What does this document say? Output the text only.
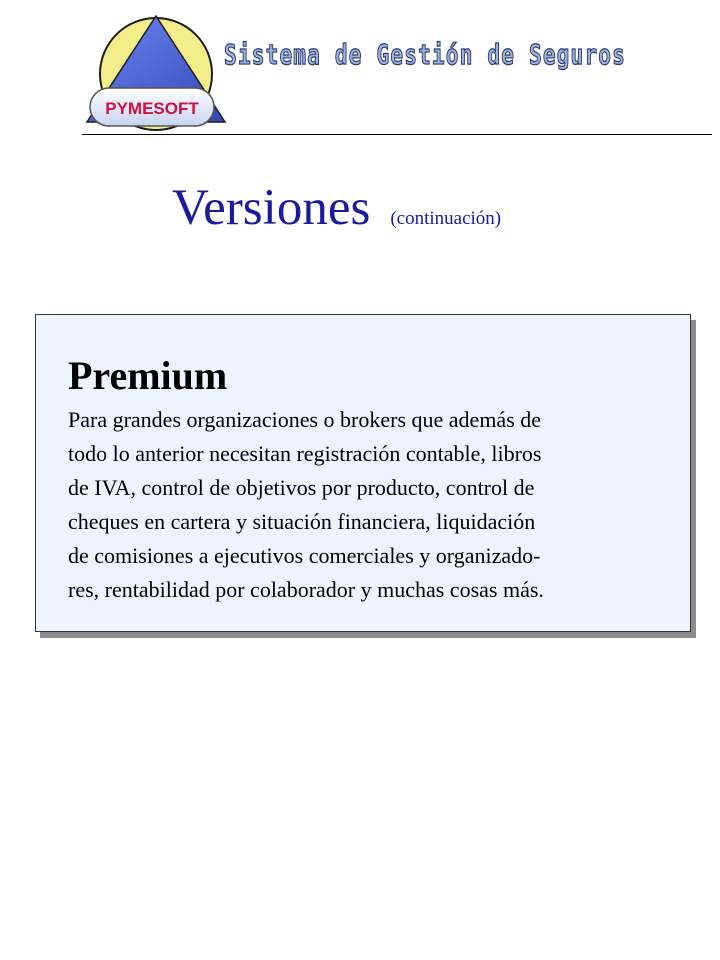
PYMESOFT
Sistema de Gestión de Seguros
Versiones (continuación)
Premium

Para grandes organizaciones o brokers que además de
todo lo anterior necesitan registración contable, libros
de IVA, control de objetivos por producto, control de
cheques en cartera y situación financiera, liquidación
de comisiones a ejecutivos comerciales y organizado-
res, rentabilidad por colaborador y muchas cosas más.
